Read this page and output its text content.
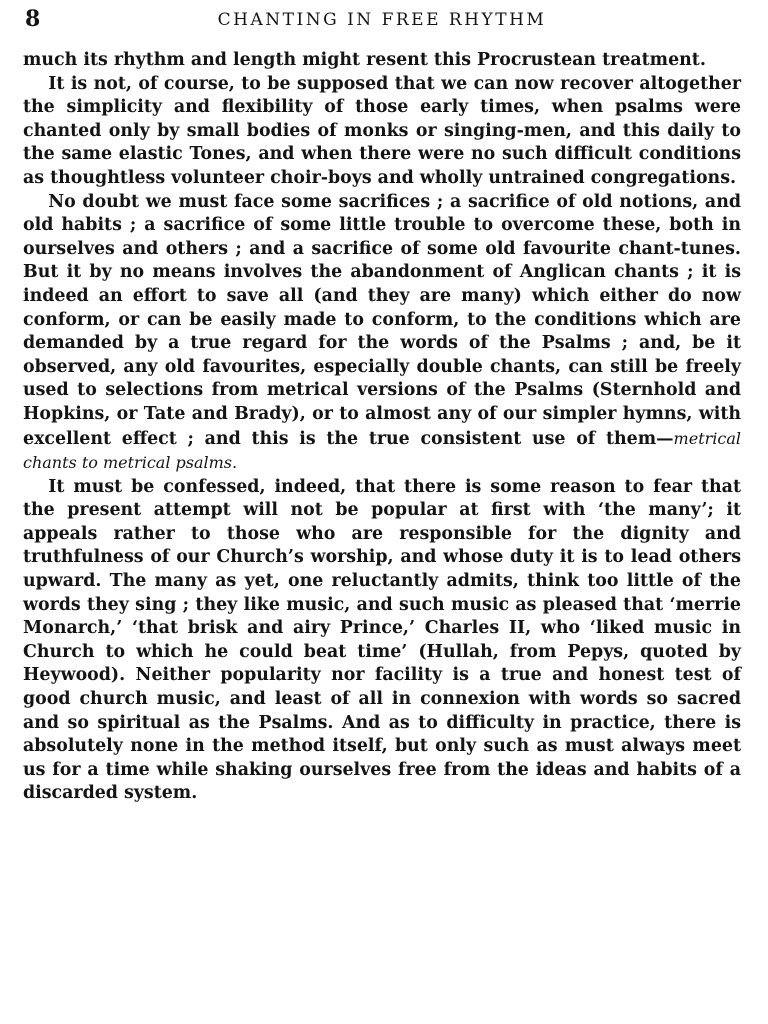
8	CHANTING IN FREE RHYTHM

much its rhythm and length might resent this Procrustean treatment.

It is not, of course, to be supposed that we can now recover altogether the simplicity and flexibility of those early times, when psalms were chanted only by small bodies of monks or singing-men, and this daily to the same elastic Tones, and when there were no such difficult conditions as thoughtless volunteer choir-boys and wholly untrained congregations.

No doubt we must face some sacrifices ; a sacrifice of old notions, and old habits ; a sacrifice of some little trouble to overcome these, both in ourselves and others ; and a sacrifice of some old favourite chant-tunes. But it by no means involves the abandonment of Anglican chants ; it is indeed an effort to save all (and they are many) which either do now conform, or can be easily made to conform, to the conditions which are demanded by a true regard for the words of the Psalms ; and, be it observed, any old favourites, especially double chants, can still be freely used to selections from metrical versions of the Psalms (Sternhold and Hopkins, or Tate and Brady), or to almost any of our simpler hymns, with excellent effect ; and this is the true consistent use of them—metrical chants to metrical psalms.

It must be confessed, indeed, that there is some reason to fear that the present attempt will not be popular at first with ‘the many’; it appeals rather to those who are responsible for the dignity and truthfulness of our Church’s worship, and whose duty it is to lead others upward. The many as yet, one reluctantly admits, think too little of the words they sing ; they like music, and such music as pleased that ‘merrie Monarch,’ ‘that brisk and airy Prince,’ Charles II, who ‘liked music in Church to which he could beat time’ (Hullah, from Pepys, quoted by Heywood). Neither popularity nor facility is a true and honest test of good church music, and least of all in connexion with words so sacred and so spiritual as the Psalms. And as to difficulty in practice, there is absolutely none in the method itself, but only such as must always meet us for a time while shaking ourselves free from the ideas and habits of a discarded system.
